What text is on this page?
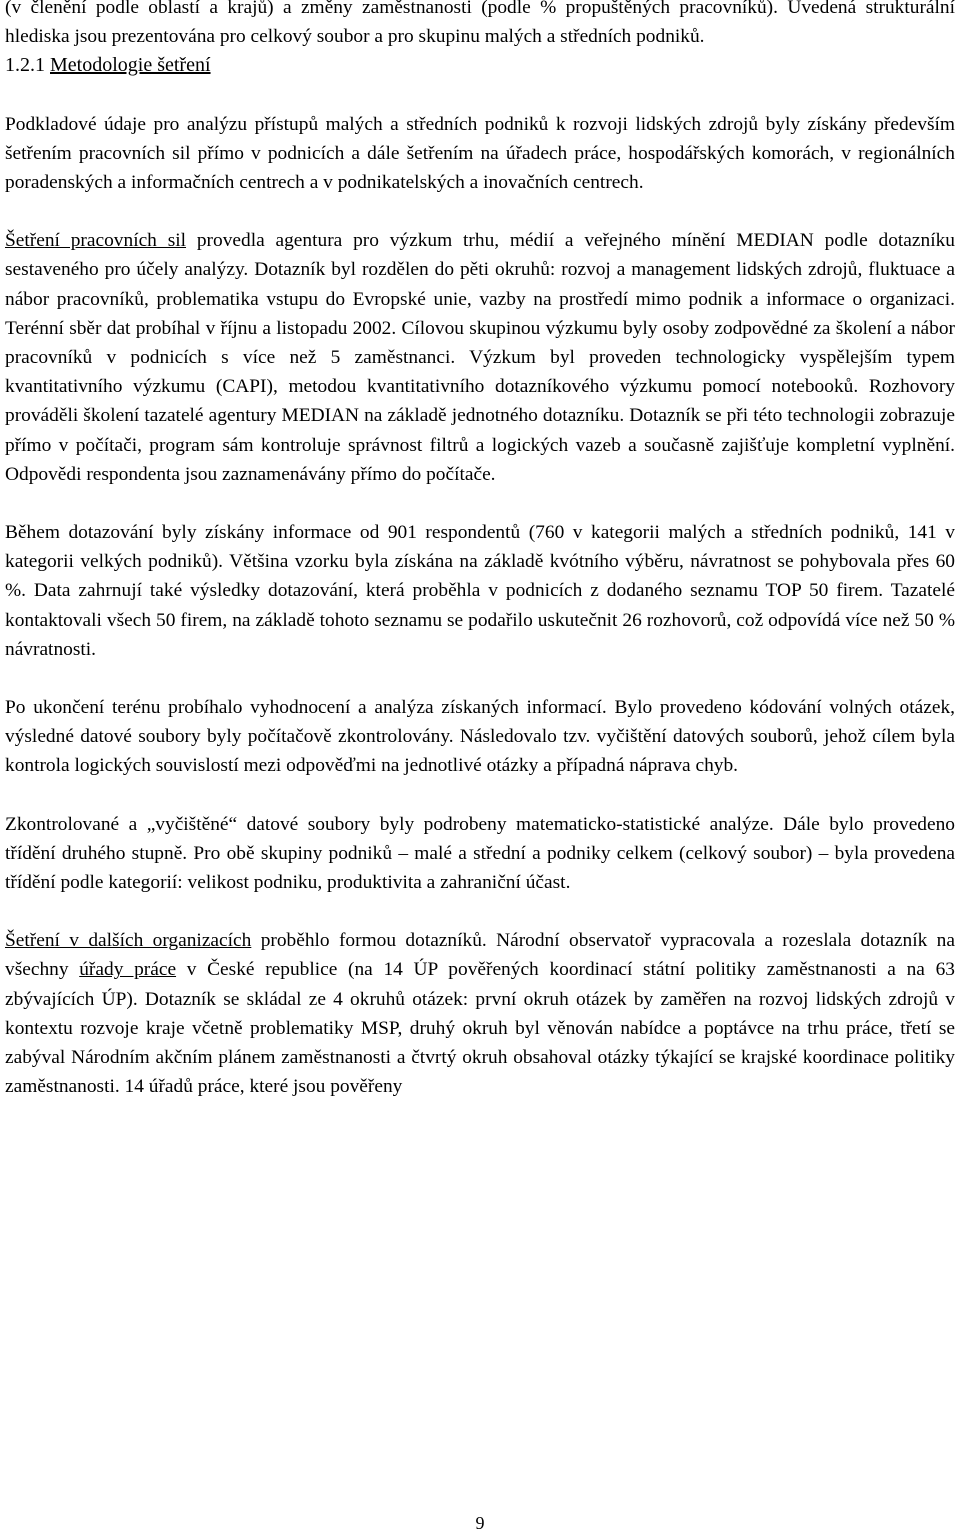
(v členění podle oblastí a krajů) a změny zaměstnanosti (podle % propuštěných pracovníků). Uvedená strukturální hlediska jsou prezentována pro celkový soubor a pro skupinu malých a středních podniků.

1.2.1 Metodologie šetření

Podkladové údaje pro analýzu přístupů malých a středních podniků k rozvoji lidských zdrojů byly získány především šetřením pracovních sil přímo v podnicích a dále šetřením na úřadech práce, hospodářských komorách, v regionálních poradenských a informačních centrech a v podnikatelských a inovačních centrech.

Šetření pracovních sil provedla agentura pro výzkum trhu, médií a veřejného mínění MEDIAN podle dotazníku sestaveného pro účely analýzy. Dotazník byl rozdělen do pěti okruhů: rozvoj a management lidských zdrojů, fluktuace a nábor pracovníků, problematika vstupu do Evropské unie, vazby na prostředí mimo podnik a informace o organizaci. Terénní sběr dat probíhal v říjnu a listopadu 2002. Cílovou skupinou výzkumu byly osoby zodpovědné za školení a nábor pracovníků v podnicích s více než 5 zaměstnanci. Výzkum byl proveden technologicky vyspělejším typem kvantitativního výzkumu (CAPI), metodou kvantitativního dotazníkového výzkumu pomocí notebooků. Rozhovory prováděli školení tazatelé agentury MEDIAN na základě jednotného dotazníku. Dotazník se při této technologii zobrazuje přímo v počítači, program sám kontroluje správnost filtrů a logických vazeb a současně zajišťuje kompletní vyplnění. Odpovědi respondenta jsou zaznamenávány přímo do počítače.

Během dotazování byly získány informace od 901 respondentů (760 v kategorii malých a středních podniků, 141 v kategorii velkých podniků). Většina vzorku byla získána na základě kvótního výběru, návratnost se pohybovala přes 60 %. Data zahrnují také výsledky dotazování, která proběhla v podnicích z dodaného seznamu TOP 50 firem. Tazatelé kontaktovali všech 50 firem, na základě tohoto seznamu se podařilo uskutečnit 26 rozhovorů, což odpovídá více než 50 % návratnosti.

Po ukončení terénu probíhalo vyhodnocení a analýza získaných informací. Bylo provedeno kódování volných otázek, výsledné datové soubory byly počítačově zkontrolovány. Následovalo tzv. vyčištění datových souborů, jehož cílem byla kontrola logických souvislostí mezi odpověďmi na jednotlivé otázky a případná náprava chyb.

Zkontrolované a „vyčištěné“ datové soubory byly podrobeny matematicko-statistické analýze. Dále bylo provedeno třídění druhého stupně. Pro obě skupiny podniků – malé a střední a podniky celkem (celkový soubor) – byla provedena třídění podle kategorií: velikost podniku, produktivita a zahraniční účast.

Šetření v dalších organizacích proběhlo formou dotazníků. Národní observatoř vypracovala a rozeslala dotazník na všechny úřady práce v České republice (na 14 ÚP pověřených koordinací státní politiky zaměstnanosti a na 63 zbývajících ÚP). Dotazník se skládal ze 4 okruhů otázek: první okruh otázek by zaměřen na rozvoj lidských zdrojů v kontextu rozvoje kraje včetně problematiky MSP, druhý okruh byl věnován nabídce a poptávce na trhu práce, třetí se zabýval Národním akčním plánem zaměstnanosti a čtvrtý okruh obsahoval otázky týkající se krajské koordinace politiky zaměstnanosti. 14 úřadů práce, které jsou pověřeny

9
